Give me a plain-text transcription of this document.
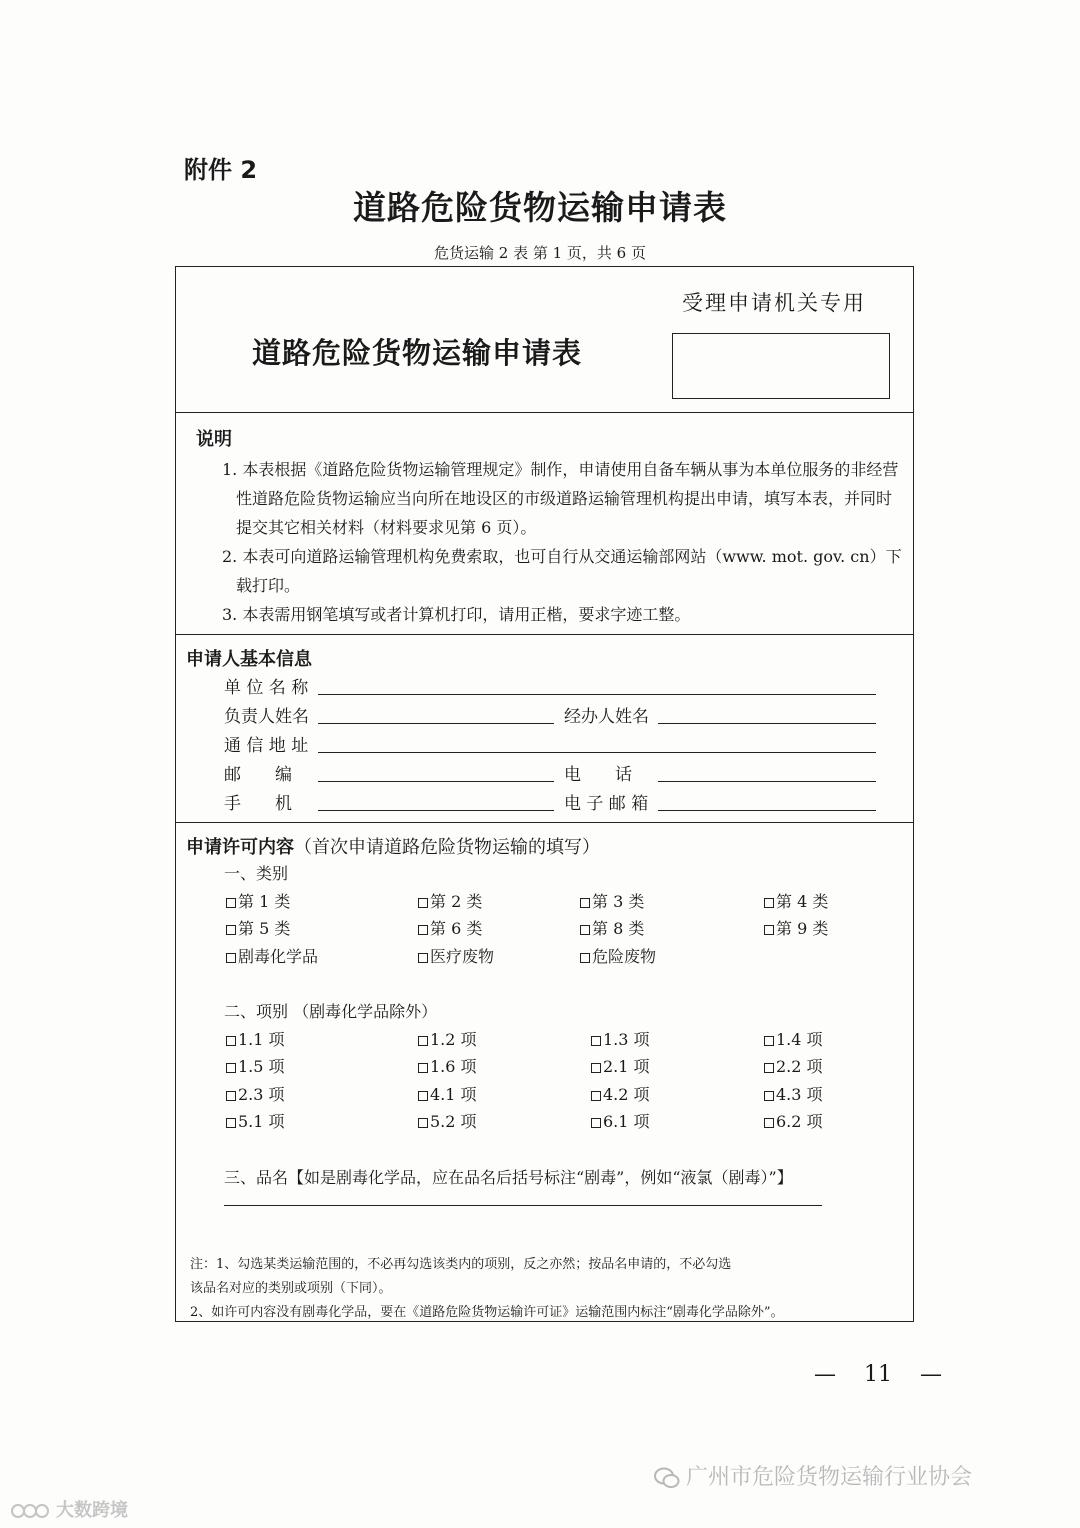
附件 2
道路危险货物运输申请表
危货运输 2 表 第 1 页，共 6 页
道路危险货物运输申请表
受理申请机关专用
说明

1. 本表根据《道路危险货物运输管理规定》制作，申请使用自备车辆从事为本单位服务的非经营性道路危险货物运输应当向所在地设区的市级道路运输管理机构提出申请，填写本表，并同时提交其它相关材料（材料要求见第 6 页）。

2. 本表可向道路运输管理机构免费索取，也可自行从交通运输部网站（www. mot. gov. cn）下载打印。

3. 本表需用钢笔填写或者计算机打印，请用正楷，要求字迹工整。

申请人基本信息
单 位 名 称
负责人姓名	经办人姓名
通 信 地 址
邮　　编	电　　话
手　　机	电 子 邮 箱
申请许可内容（首次申请道路危险货物运输的填写）
一、类别
第 1 类	第 2 类	第 3 类	第 4 类
第 5 类	第 6 类	第 8 类	第 9 类
剧毒化学品	医疗废物	危险废物
二、项别 （剧毒化学品除外）
1.1 项	1.2 项	1.3 项	1.4 项
1.5 项	1.6 项	2.1 项	2.2 项
2.3 项	4.1 项	4.2 项	4.3 项
5.1 项	5.2 项	6.1 项	6.2 项
三、品名【如是剧毒化学品，应在品名后括号标注“剧毒”，例如“液氯（剧毒）”】
注：1、勾选某类运输范围的，不必再勾选该类内的项别，反之亦然；按品名申请的，不必勾选
该品名对应的类别或项别（下同）。
2、如许可内容没有剧毒化学品，要在《道路危险货物运输许可证》运输范围内标注“剧毒化学品除外”。
— 11 —
广州市危险货物运输行业协会
大数跨境
